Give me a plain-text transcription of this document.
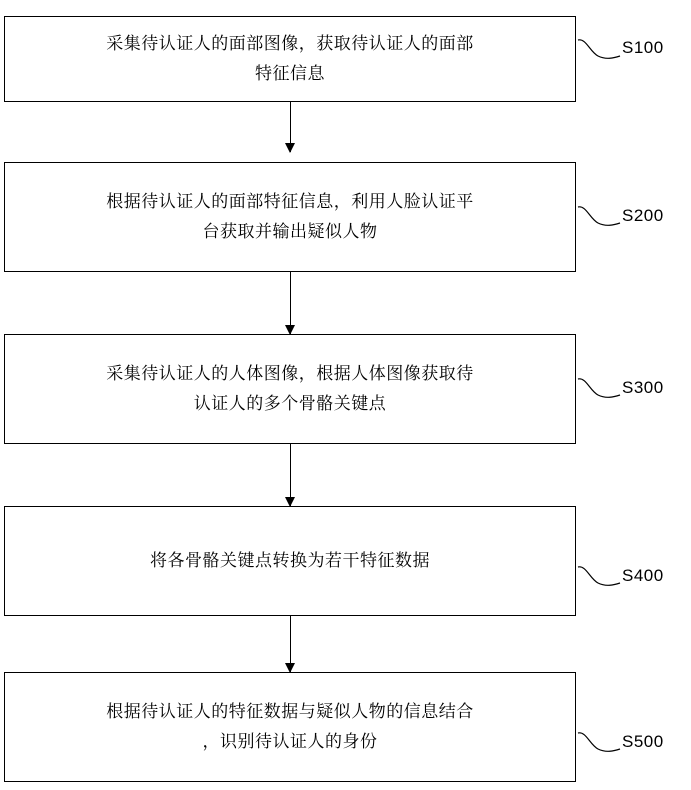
采集待认证人的面部图像，获取待认证人的面部
特征信息
S100
根据待认证人的面部特征信息，利用人脸认证平
台获取并输出疑似人物
S200
采集待认证人的人体图像，根据人体图像获取待
认证人的多个骨骼关键点
S300
将各骨骼关键点转换为若干特征数据
S400
根据待认证人的特征数据与疑似人物的信息结合
，识别待认证人的身份	S500
